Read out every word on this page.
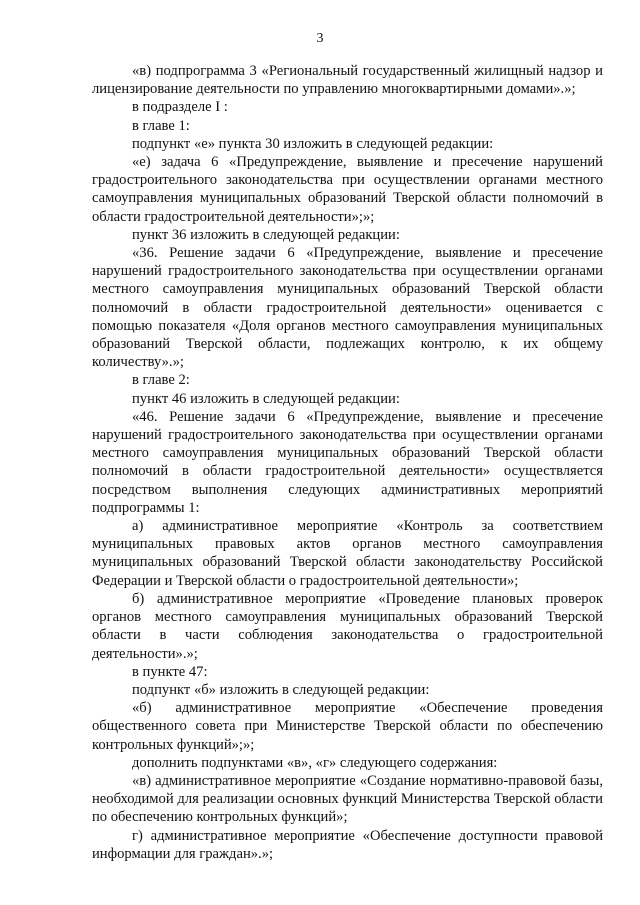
3

«в) подпрограмма 3 «Региональный государственный жилищный надзор и лицензирование деятельности по управлению многоквартирными домами».»;

в подразделе I :

в главе 1:

подпункт «е» пункта 30 изложить в следующей редакции:

«е) задача 6 «Предупреждение, выявление и пресечение нарушений градостроительного законодательства при осуществлении органами местного самоуправления муниципальных образований Тверской области полномочий в области градостроительной деятельности»;»;

пункт 36 изложить в следующей редакции:

«36. Решение задачи 6 «Предупреждение, выявление и пресечение нарушений градостроительного законодательства при осуществлении органами местного самоуправления муниципальных образований Тверской области полномочий в области градостроительной деятельности» оценивается с помощью показателя «Доля органов местного самоуправления муниципальных образований Тверской области, подлежащих контролю, к их общему количеству».»;

в главе 2:

пункт 46 изложить в следующей редакции:

«46. Решение задачи 6 «Предупреждение, выявление и пресечение нарушений градостроительного законодательства при осуществлении органами местного самоуправления муниципальных образований Тверской области полномочий в области градостроительной деятельности» осуществляется посредством выполнения следующих административных мероприятий подпрограммы 1:

а) административное мероприятие «Контроль за соответствием муниципальных правовых актов органов местного самоуправления муниципальных образований Тверской области законодательству Российской Федерации и Тверской области о градостроительной деятельности»;

б) административное мероприятие «Проведение плановых проверок органов местного самоуправления муниципальных образований Тверской области в части соблюдения законодательства о градостроительной деятельности».»;

в пункте 47:

подпункт «б» изложить в следующей редакции:

«б) административное мероприятие «Обеспечение проведения общественного совета при Министерстве Тверской области по обеспечению контрольных функций»;»;

дополнить подпунктами «в», «г» следующего содержания:

«в) административное мероприятие «Создание нормативно-правовой базы, необходимой для реализации основных функций Министерства Тверской области по обеспечению контрольных функций»;

г) административное мероприятие «Обеспечение доступности правовой информации для граждан».»;
